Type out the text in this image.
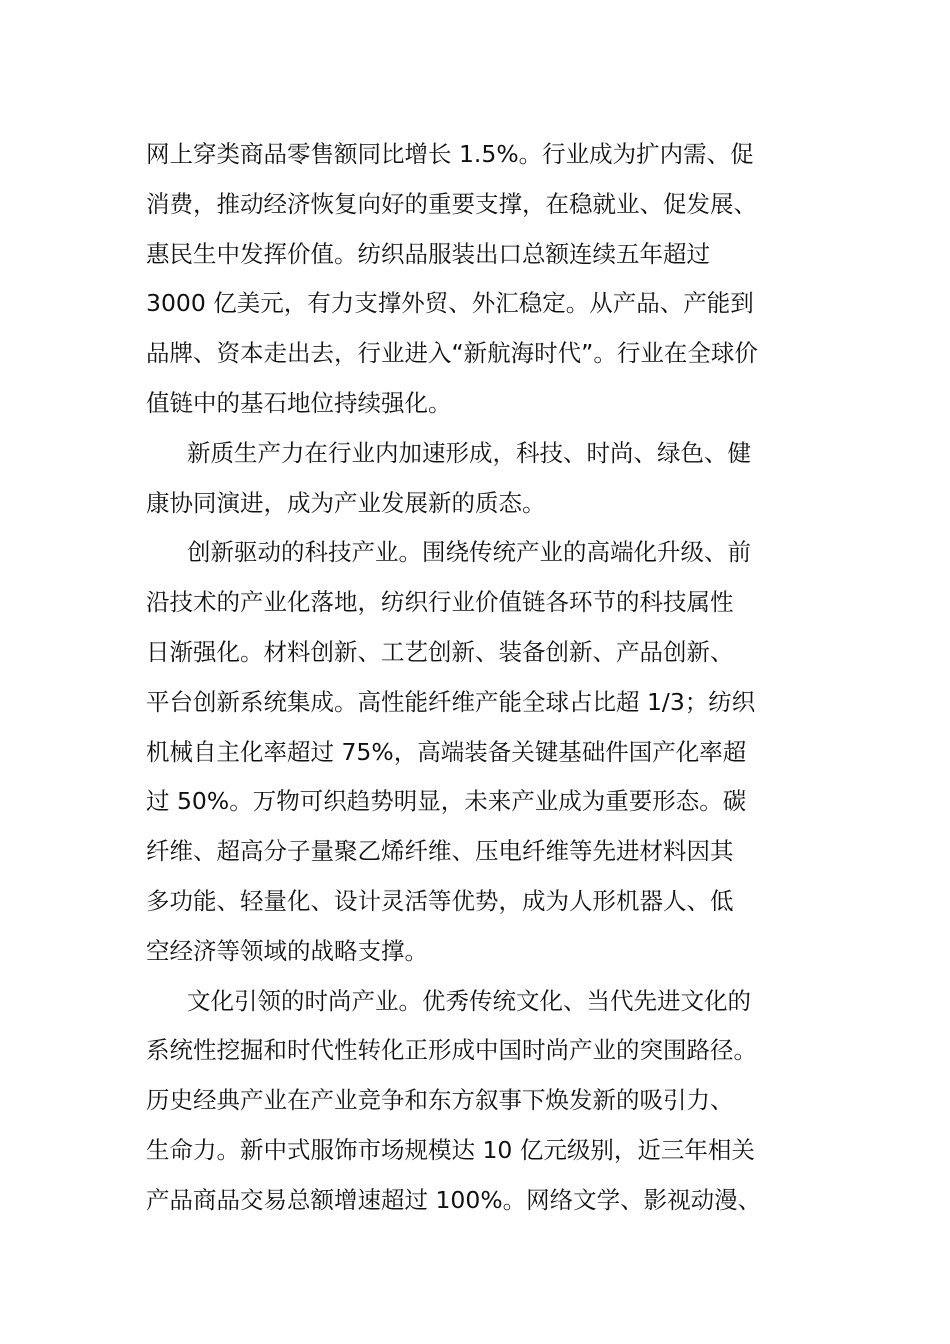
网上穿类商品零售额同比增长 1.5%。行业成为扩内需、促
消费，推动经济恢复向好的重要支撑，在稳就业、促发展、
惠民生中发挥价值。纺织品服装出口总额连续五年超过
3000 亿美元，有力支撑外贸、外汇稳定。从产品、产能到
品牌、资本走出去，行业进入“新航海时代”。行业在全球价
值链中的基石地位持续强化。
新质生产力在行业内加速形成，科技、时尚、绿色、健
康协同演进，成为产业发展新的质态。
创新驱动的科技产业。围绕传统产业的高端化升级、前
沿技术的产业化落地，纺织行业价值链各环节的科技属性
日渐强化。材料创新、工艺创新、装备创新、产品创新、
平台创新系统集成。高性能纤维产能全球占比超 1/3；纺织
机械自主化率超过 75%，高端装备关键基础件国产化率超
过 50%。万物可织趋势明显，未来产业成为重要形态。碳
纤维、超高分子量聚乙烯纤维、压电纤维等先进材料因其
多功能、轻量化、设计灵活等优势，成为人形机器人、低
空经济等领域的战略支撑。
文化引领的时尚产业。优秀传统文化、当代先进文化的
系统性挖掘和时代性转化正形成中国时尚产业的突围路径。
历史经典产业在产业竞争和东方叙事下焕发新的吸引力、
生命力。新中式服饰市场规模达 10 亿元级别，近三年相关
产品商品交易总额增速超过 100%。网络文学、影视动漫、
